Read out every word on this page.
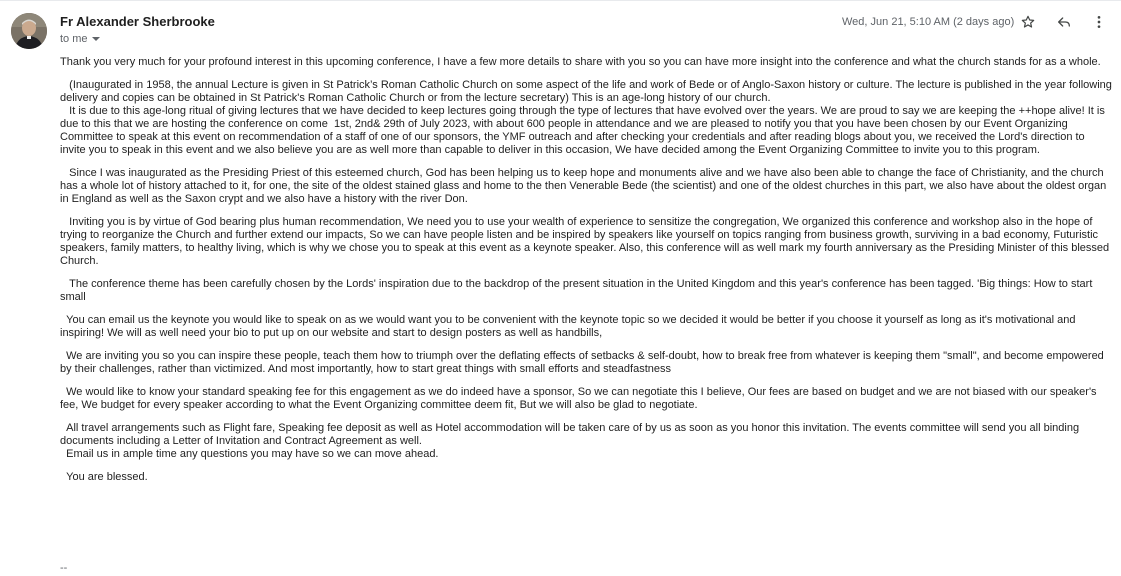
Fr Alexander Sherbrooke
to me
Wed, Jun 21, 5:10 AM (2 days ago)

Thank you very much for your profound interest in this upcoming conference, I have a few more details to share with you so you can have more insight into the conference and what the church stands for as a whole.

(Inaugurated in 1958, the annual Lecture is given in St Patrick’s Roman Catholic Church on some aspect of the life and work of Bede or of Anglo-Saxon history or culture. The lecture is published in the year following delivery and copies can be obtained in St Patrick's Roman Catholic Church or from the lecture secretary) This is an age-long history of our church.
It is due to this age-long ritual of giving lectures that we have decided to keep lectures going through the type of lectures that have evolved over the years. We are proud to say we are keeping the ++hope alive! It is due to this that we are hosting the conference on come  1st, 2nd& 29th of July 2023, with about 600 people in attendance and we are pleased to notify you that you have been chosen by our Event Organizing Committee to speak at this event on recommendation of a staff of one of our sponsors, the YMF outreach and after checking your credentials and after reading blogs about you, we received the Lord's direction to invite you to speak in this event and we also believe you are as well more than capable to deliver in this occasion, We have decided among the Event Organizing Committee to invite you to this program.

Since I was inaugurated as the Presiding Priest of this esteemed church, God has been helping us to keep hope and monuments alive and we have also been able to change the face of Christianity, and the church has a whole lot of history attached to it, for one, the site of the oldest stained glass and home to the then Venerable Bede (the scientist) and one of the oldest churches in this part, we also have about the oldest organ in England as well as the Saxon crypt and we also have a history with the river Don.

Inviting you is by virtue of God bearing plus human recommendation, We need you to use your wealth of experience to sensitize the congregation, We organized this conference and workshop also in the hope of trying to reorganize the Church and further extend our impacts, So we can have people listen and be inspired by speakers like yourself on topics ranging from business growth, surviving in a bad economy, Futuristic speakers, family matters, to healthy living, which is why we chose you to speak at this event as a keynote speaker. Also, this conference will as well mark my fourth anniversary as the Presiding Minister of this blessed Church.

The conference theme has been carefully chosen by the Lords' inspiration due to the backdrop of the present situation in the United Kingdom and this year's conference has been tagged. 'Big things: How to start small

You can email us the keynote you would like to speak on as we would want you to be convenient with the keynote topic so we decided it would be better if you choose it yourself as long as it's motivational and inspiring! We will as well need your bio to put up on our website and start to design posters as well as handbills,

We are inviting you so you can inspire these people, teach them how to triumph over the deflating effects of setbacks & self-doubt, how to break free from whatever is keeping them "small", and become empowered by their challenges, rather than victimized. And most importantly, how to start great things with small efforts and steadfastness

We would like to know your standard speaking fee for this engagement as we do indeed have a sponsor, So we can negotiate this I believe, Our fees are based on budget and we are not biased with our speaker's fee, We budget for every speaker according to what the Event Organizing committee deem fit, But we will also be glad to negotiate.

All travel arrangements such as Flight fare, Speaking fee deposit as well as Hotel accommodation will be taken care of by us as soon as you honor this invitation. The events committee will send you all binding documents including a Letter of Invitation and Contract Agreement as well.
Email us in ample time any questions you may have so we can move ahead.

You are blessed.

--
